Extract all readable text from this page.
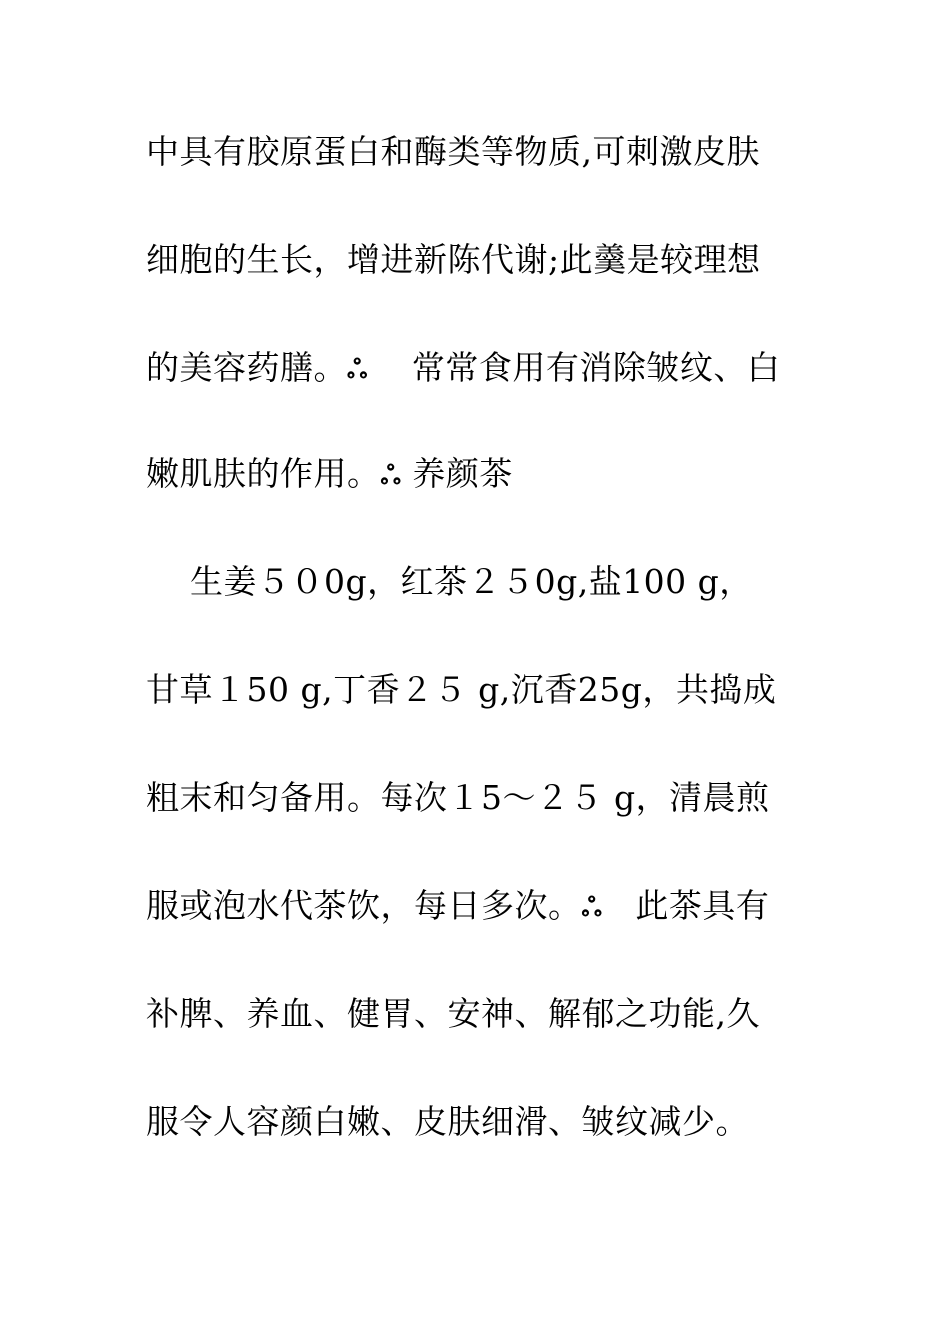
中具有胶原蛋白和酶类等物质,可刺激皮肤
细胞的生长，增进新陈代谢;此羹是较理想
的美容药膳。ஃ    常常食用有消除皱纹、白
嫩肌肤的作用。ஃ 养颜茶
生姜５０0g，红茶２５0g,盐100 g，
甘草１50 g,丁香２５ g,沉香25g，共捣成
粗末和匀备用。每次１5～２５ g，清晨煎
服或泡水代茶饮，每日多次。ஃ   此茶具有
补脾、养血、健胃、安神、解郁之功能,久
服令人容颜白嫩、皮肤细滑、皱纹减少。
